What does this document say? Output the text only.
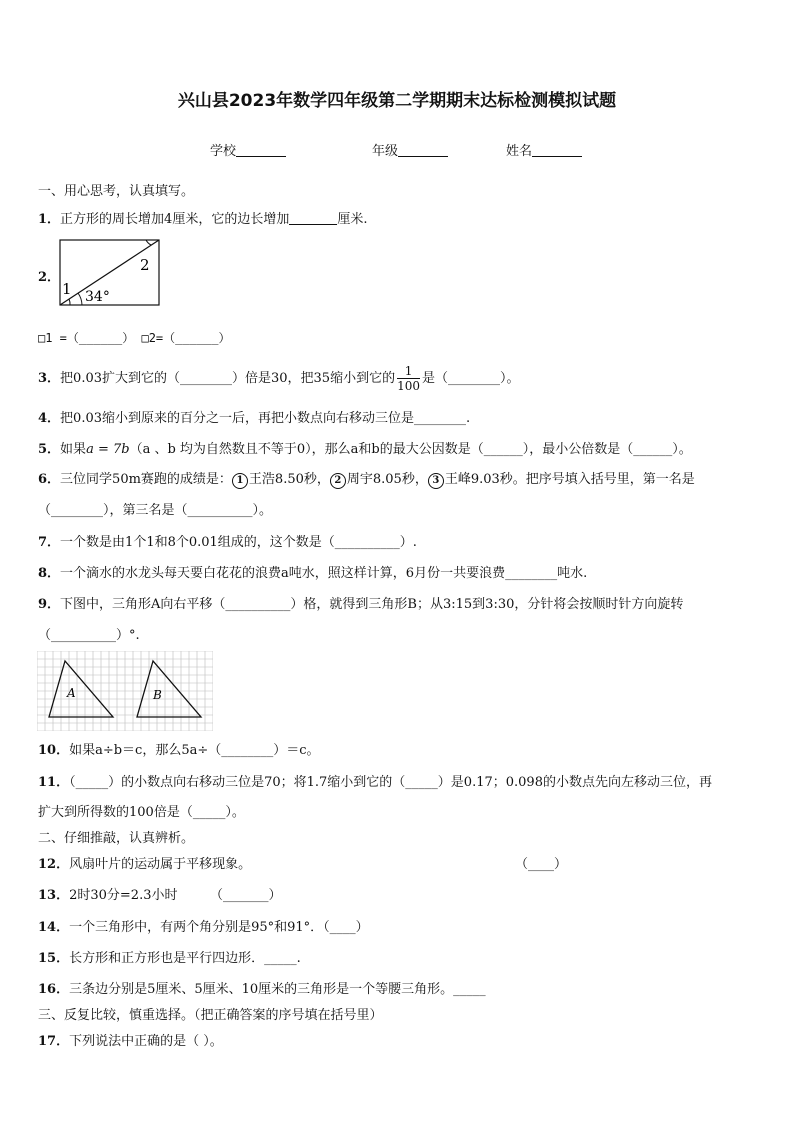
兴山县2023年数学四年级第二学期期末达标检测模拟试题
学校	年级	姓名
一、用心思考，认真填写。
1．正方形的周长增加4厘米，它的边长增加	厘米.
2．
1
2
34°
□1 =（______） □2=（______）
3．把0.03扩大到它的（________）倍是30，把35缩小到它的 $\frac{1}{100}$ 是（________）。
4．把0.03缩小到原来的百分之一后，再把小数点向右移动三位是________.
5．如果a = 7b（a 、b 均为自然数且不等于0），那么a和b的最大公因数是（______），最小公倍数是（______）。
6．三位同学50m赛跑的成绩是： 1 王浩8.50秒， 2 周宇8.05秒， 3 王峰9.03秒。把序号填入括号里，第一名是
（________），第三名是（__________）。
7．一个数是由1个1和8个0.01组成的，这个数是（__________）.
8．一个滴水的水龙头每天要白花花的浪费a吨水，照这样计算，6月份一共要浪费________吨水.
9．下图中，三角形A向右平移（__________）格，就得到三角形B；从3:15到3:30，分针将会按顺时针方向旋转
（__________）°.
A	B
10．如果a÷b＝c，那么5a÷（________）＝c。
11．（_____）的小数点向右移动三位是70；将1.7缩小到它的（_____）是0.17；0.098的小数点先向左移动三位，再
扩大到所得数的100倍是（_____）。
二、仔细推敲，认真辨析。
12．风扇叶片的运动属于平移现象。	（____）
13．2时30分=2.3小时	（_______）
14．一个三角形中，有两个角分别是95°和91°．（____）
15．长方形和正方形也是平行四边形．_____.
16．三条边分别是5厘米、5厘米、10厘米的三角形是一个等腰三角形。_____
三、反复比较，慎重选择。（把正确答案的序号填在括号里）
17．下列说法中正确的是（ ）。
